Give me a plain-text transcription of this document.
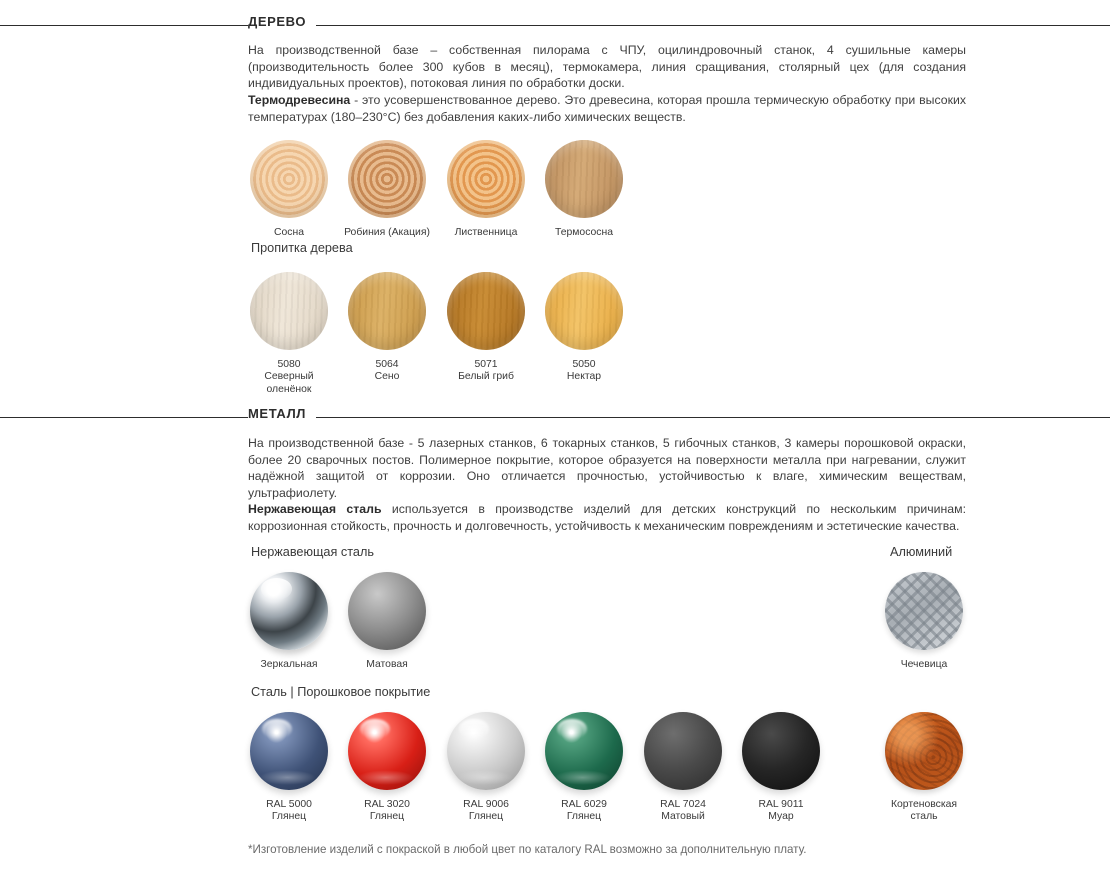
ДЕРЕВО
На производственной базе – собственная пилорама с ЧПУ, оцилиндровочный станок, 4 сушильные камеры (производительность более 300 кубов в месяц), термокамера, линия сращивания, столярный цех (для создания индивидуальных проектов), потоковая линия по обработки доски.
Термодревесина - это усовершенствованное дерево. Это древесина, которая прошла термическую обработку при высоких температурах (180–230°С) без добавления каких-либо химических веществ.
Сосна	Робиния (Акация)	Лиственница	Термососна
Пропитка дерева
5080
Северный
оленёнок
5064
Сено
5071
Белый гриб
5050
Нектар
МЕТАЛЛ
На производственной базе - 5 лазерных станков, 6 токарных станков, 5 гибочных станков, 3 камеры порошковой окраски, более 20 сварочных постов. Полимерное покрытие, которое образуется на поверхности металла при нагревании, служит надёжной защитой от коррозии. Оно отличается прочностью, устойчивостью к влаге, химическим веществам, ультрафиолету.
Нержавеющая сталь используется в производстве изделий для детских конструкций по нескольким причинам: коррозионная стойкость, прочность и долговечность, устойчивость к механическим повреждениям и эстетические качества.
Нержавеющая сталь	Алюминий
Зеркальная	Матовая	Чечевица
Сталь | Порошковое покрытие
RAL 5000
Глянец
RAL 3020
Глянец
RAL 9006
Глянец
RAL 6029
Глянец
RAL 7024
Матовый
RAL 9011
Муар
Кортеновская
сталь
*Изготовление изделий с покраской в любой цвет по каталогу RAL возможно за дополнительную плату.
